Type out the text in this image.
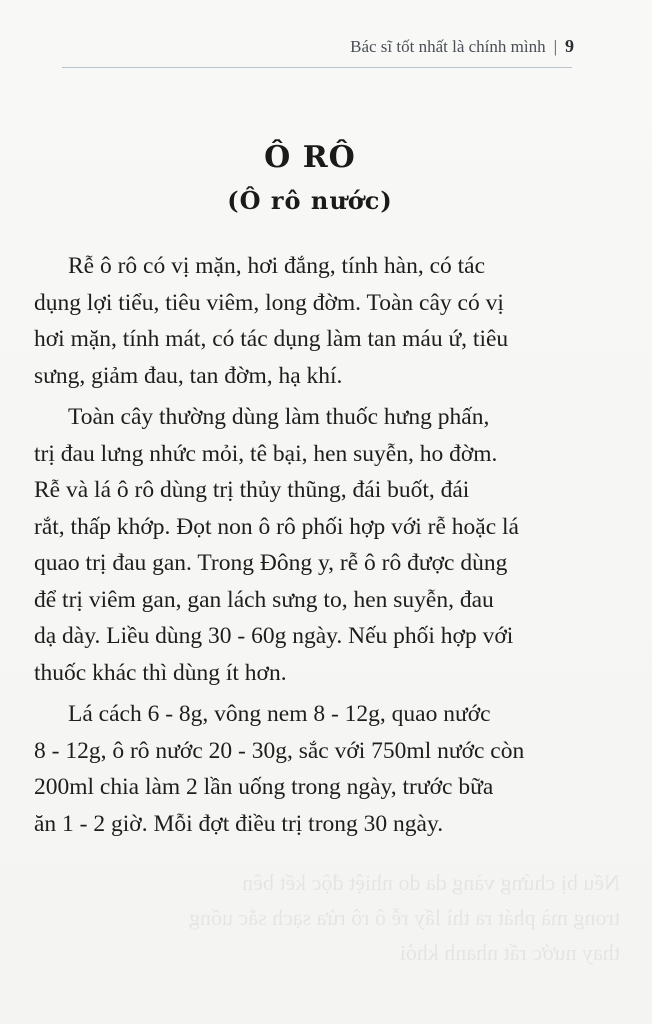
Bác sĩ tốt nhất là chính mình | 9
Nếu bị chứng vàng da do nhiệt độc kết bên
trong mà phát ra thì lấy rễ ô rô rửa sạch sắc uống
thay nước rất nhanh khỏi
Ô RÔ
(Ô rô nước)
Rễ ô rô có vị mặn, hơi đắng, tính hàn, có tác
dụng lợi tiểu, tiêu viêm, long đờm. Toàn cây có vị
hơi mặn, tính mát, có tác dụng làm tan máu ứ, tiêu
sưng, giảm đau, tan đờm, hạ khí.
Toàn cây thường dùng làm thuốc hưng phấn,
trị đau lưng nhức mỏi, tê bại, hen suyễn, ho đờm.
Rễ và lá ô rô dùng trị thủy thũng, đái buốt, đái
rắt, thấp khớp. Đọt non ô rô phối hợp với rễ hoặc lá
quao trị đau gan. Trong Đông y, rễ ô rô được dùng
để trị viêm gan, gan lách sưng to, hen suyễn, đau
dạ dày. Liều dùng 30 - 60g ngày. Nếu phối hợp với
thuốc khác thì dùng ít hơn.
Lá cách 6 - 8g, vông nem 8 - 12g, quao nước
8 - 12g, ô rô nước 20 - 30g, sắc với 750ml nước còn
200ml chia làm 2 lần uống trong ngày, trước bữa
ăn 1 - 2 giờ. Mỗi đợt điều trị trong 30 ngày.
